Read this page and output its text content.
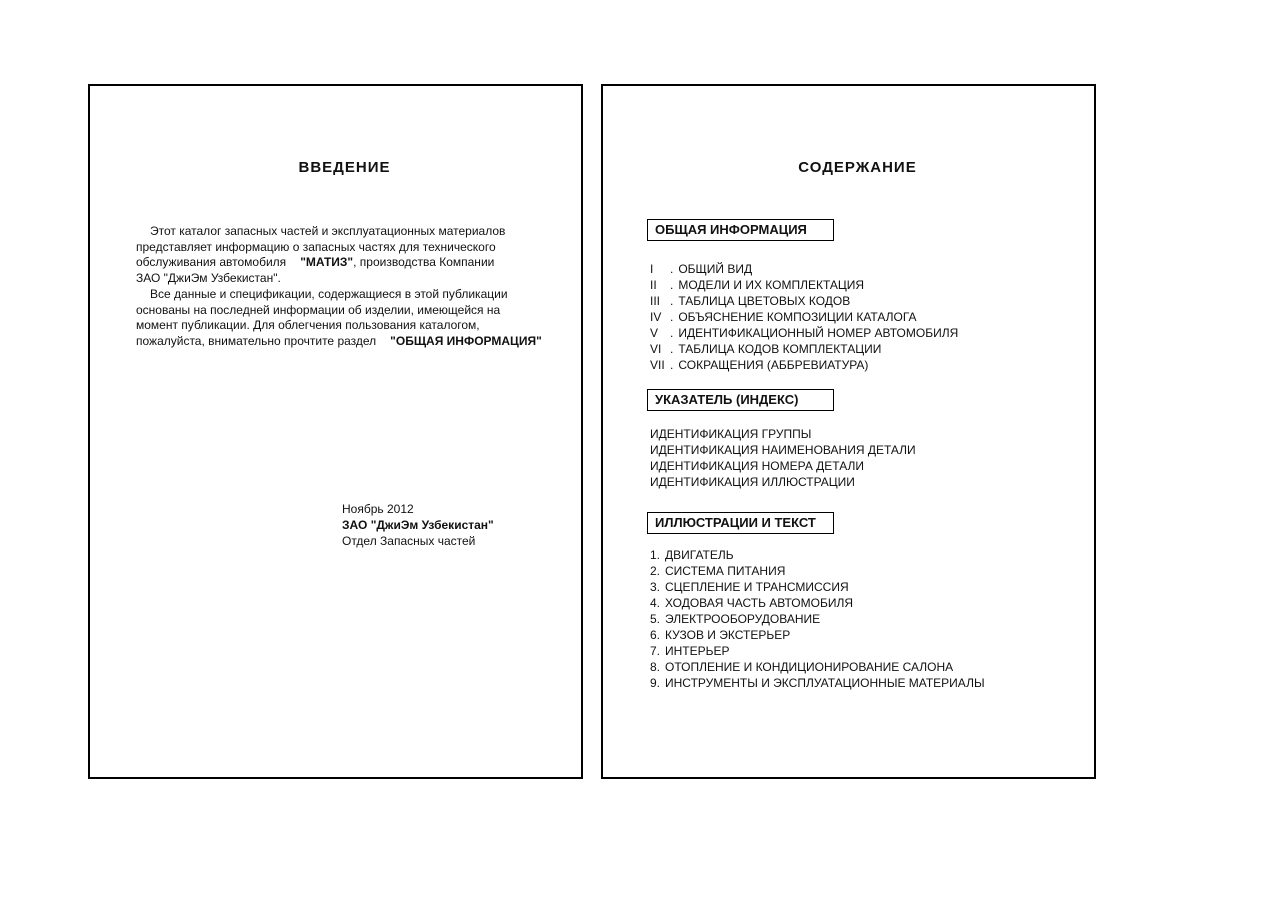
ВВЕДЕНИЕ
Этот каталог запасных частей и эксплуатационных материалов
представляет информацию о запасных частях для технического
обслуживания автомобиля "МАТИЗ", производства Компании
ЗАО "ДжиЭм Узбекистан".
Все данные и спецификации, содержащиеся в этой публикации
основаны на последней информации об изделии, имеющейся на
момент публикации. Для облегчения пользования каталогом,
пожалуйста, внимательно прочтите раздел "ОБЩАЯ ИНФОРМАЦИЯ"
Ноябрь 2012
ЗАО "ДжиЭм Узбекистан"
Отдел Запасных частей
СОДЕРЖАНИЕ
ОБЩАЯ ИНФОРМАЦИЯ
I . ОБЩИЙ ВИД
II . МОДЕЛИ И ИХ КОМПЛЕКТАЦИЯ
III . ТАБЛИЦА ЦВЕТОВЫХ КОДОВ
IV . ОБЪЯСНЕНИЕ КОМПОЗИЦИИ КАТАЛОГА
V . ИДЕНТИФИКАЦИОННЫЙ НОМЕР АВТОМОБИЛЯ
VI . ТАБЛИЦА КОДОВ КОМПЛЕКТАЦИИ
VII . СОКРАЩЕНИЯ (АББРЕВИАТУРА)
УКАЗАТЕЛЬ (ИНДЕКС)
ИДЕНТИФИКАЦИЯ ГРУППЫ
ИДЕНТИФИКАЦИЯ НАИМЕНОВАНИЯ ДЕТАЛИ
ИДЕНТИФИКАЦИЯ НОМЕРА ДЕТАЛИ
ИДЕНТИФИКАЦИЯ ИЛЛЮСТРАЦИИ
ИЛЛЮСТРАЦИИ И ТЕКСТ
1. ДВИГАТЕЛЬ
2. СИСТЕМА ПИТАНИЯ
3. СЦЕПЛЕНИЕ И ТРАНСМИССИЯ
4. ХОДОВАЯ ЧАСТЬ АВТОМОБИЛЯ
5. ЭЛЕКТРООБОРУДОВАНИЕ
6. КУЗОВ И ЭКСТЕРЬЕР
7. ИНТЕРЬЕР
8. ОТОПЛЕНИЕ И КОНДИЦИОНИРОВАНИЕ САЛОНА
9. ИНСТРУМЕНТЫ И ЭКСПЛУАТАЦИОННЫЕ МАТЕРИАЛЫ
